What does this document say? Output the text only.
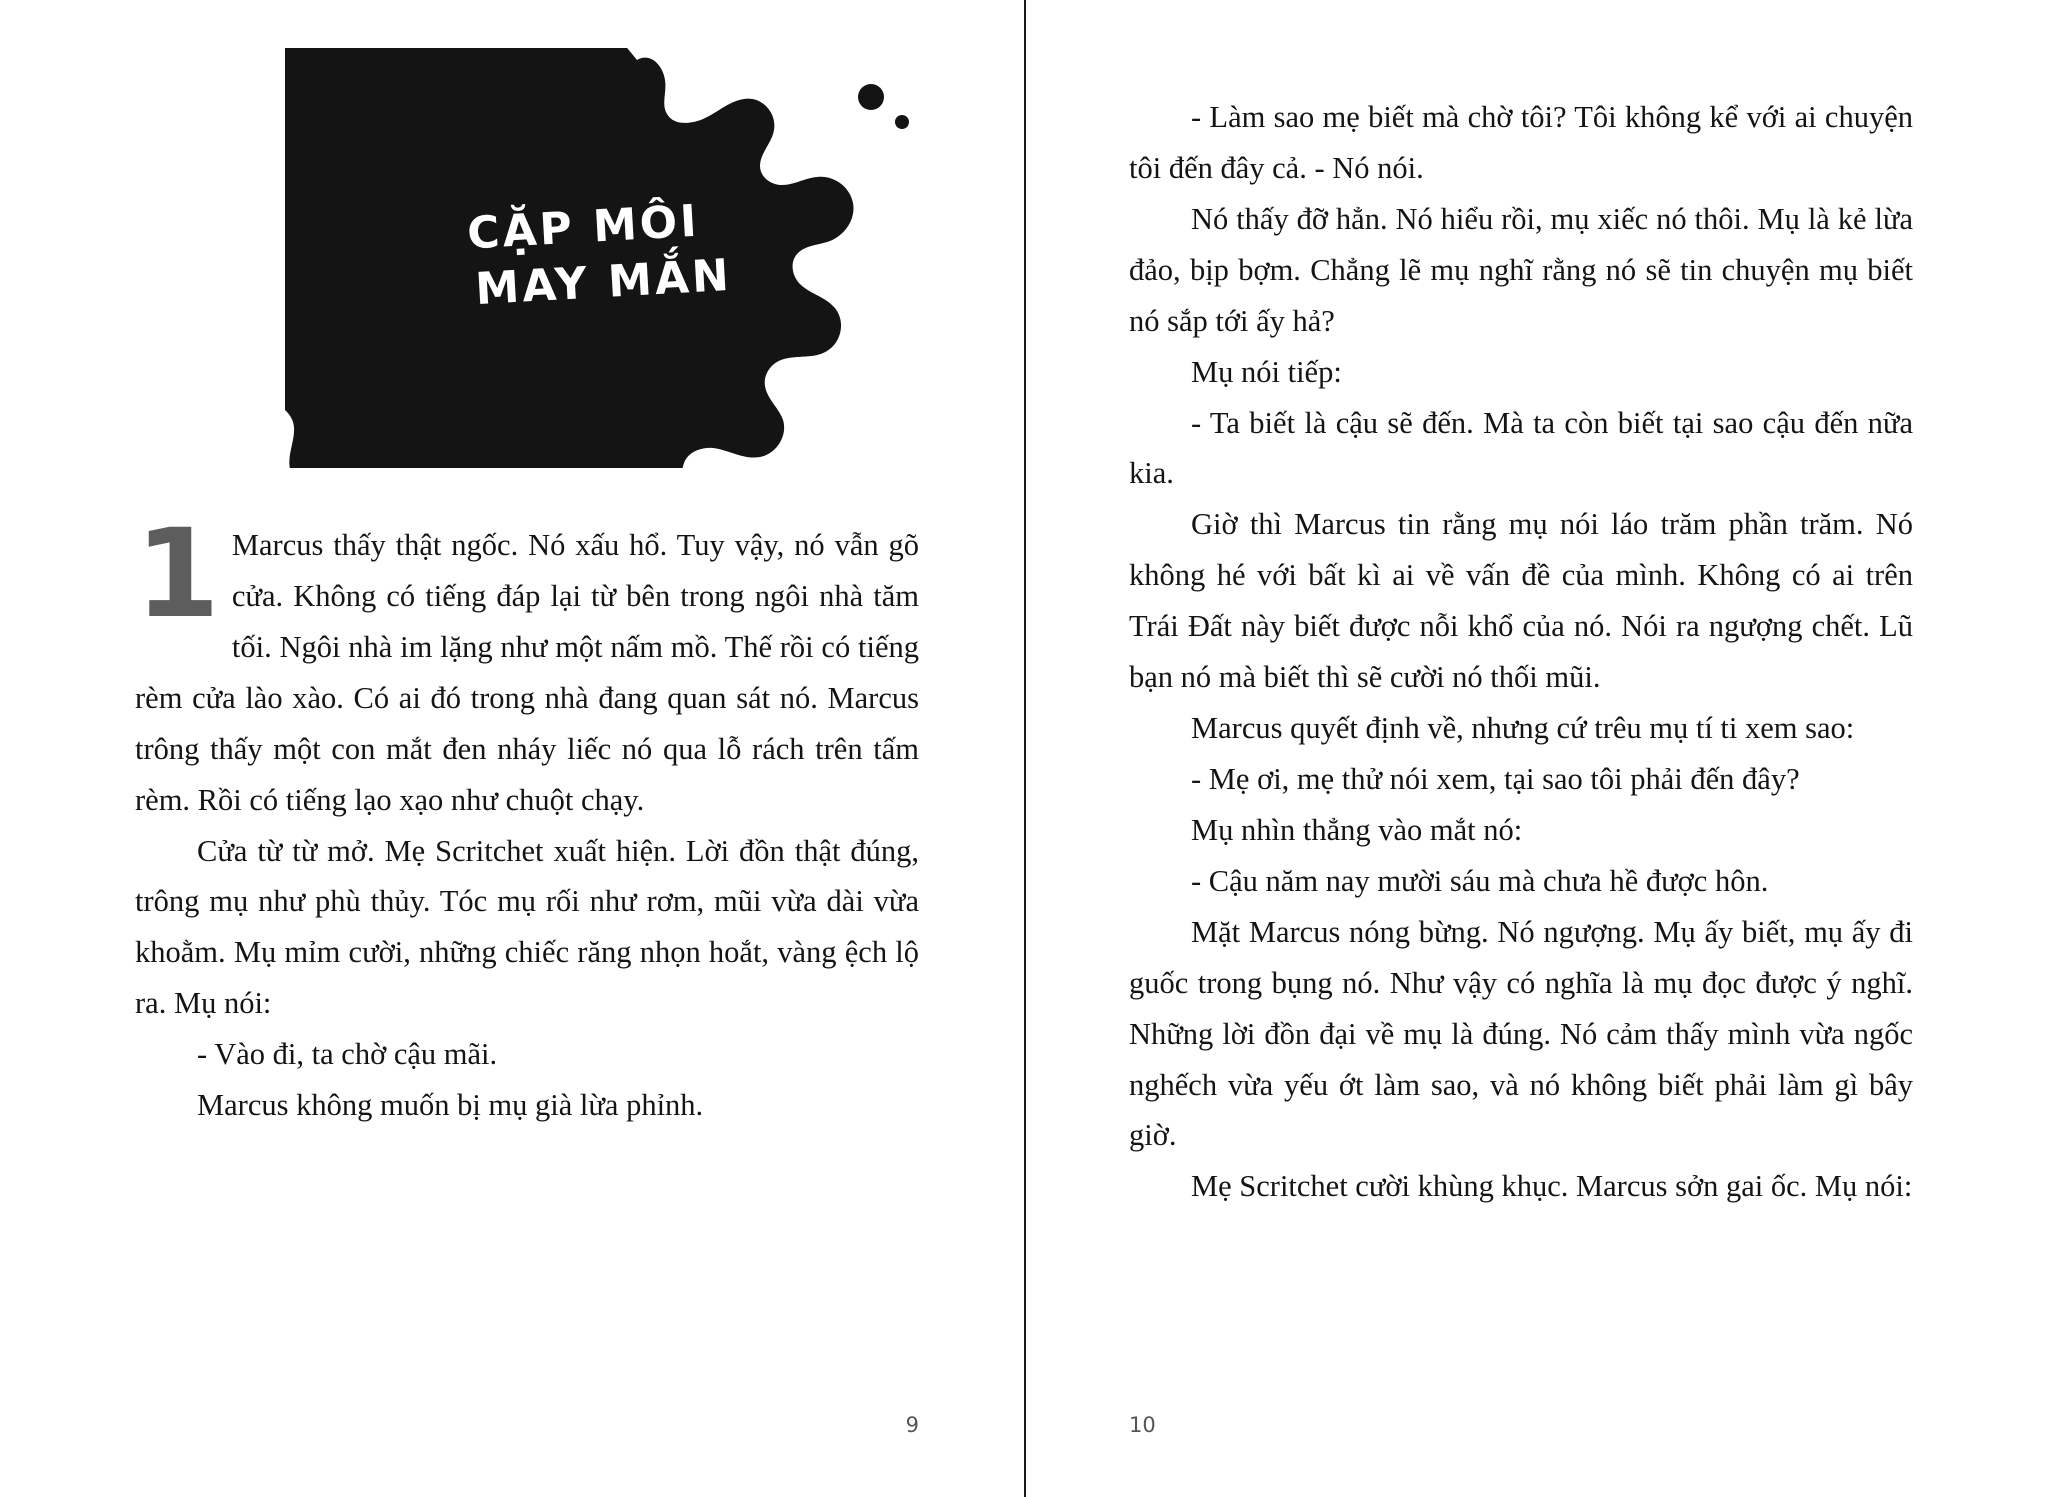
CẶP MÔI
MAY MẮN

1 Marcus thấy thật ngốc. Nó xấu hổ. Tuy vậy, nó vẫn gõ cửa. Không có tiếng đáp lại từ bên trong ngôi nhà tăm tối. Ngôi nhà im lặng như một nấm mồ. Thế rồi có tiếng rèm cửa lào xào. Có ai đó trong nhà đang quan sát nó. Marcus trông thấy một con mắt đen nháy liếc nó qua lỗ rách trên tấm rèm. Rồi có tiếng lạo xạo như chuột chạy.

Cửa từ từ mở. Mẹ Scritchet xuất hiện. Lời đồn thật đúng, trông mụ như phù thủy. Tóc mụ rối như rơm, mũi vừa dài vừa khoằm. Mụ mỉm cười, những chiếc răng nhọn hoắt, vàng ệch lộ ra. Mụ nói:

- Vào đi, ta chờ cậu mãi.

Marcus không muốn bị mụ già lừa phỉnh.

9

- Làm sao mẹ biết mà chờ tôi? Tôi không kể với ai chuyện tôi đến đây cả. - Nó nói.

Nó thấy đỡ hẳn. Nó hiểu rồi, mụ xiếc nó thôi. Mụ là kẻ lừa đảo, bịp bợm. Chẳng lẽ mụ nghĩ rằng nó sẽ tin chuyện mụ biết nó sắp tới ấy hả?

Mụ nói tiếp:

- Ta biết là cậu sẽ đến. Mà ta còn biết tại sao cậu đến nữa kia.

Giờ thì Marcus tin rằng mụ nói láo trăm phần trăm. Nó không hé với bất kì ai về vấn đề của mình. Không có ai trên Trái Đất này biết được nỗi khổ của nó. Nói ra ngượng chết. Lũ bạn nó mà biết thì sẽ cười nó thối mũi.

Marcus quyết định về, nhưng cứ trêu mụ tí ti xem sao:

- Mẹ ơi, mẹ thử nói xem, tại sao tôi phải đến đây?

Mụ nhìn thẳng vào mắt nó:

- Cậu năm nay mười sáu mà chưa hề được hôn.

Mặt Marcus nóng bừng. Nó ngượng. Mụ ấy biết, mụ ấy đi guốc trong bụng nó. Như vậy có nghĩa là mụ đọc được ý nghĩ. Những lời đồn đại về mụ là đúng. Nó cảm thấy mình vừa ngốc nghếch vừa yếu ớt làm sao, và nó không biết phải làm gì bây giờ.

Mẹ Scritchet cười khùng khục. Marcus sởn gai ốc. Mụ nói:

10
